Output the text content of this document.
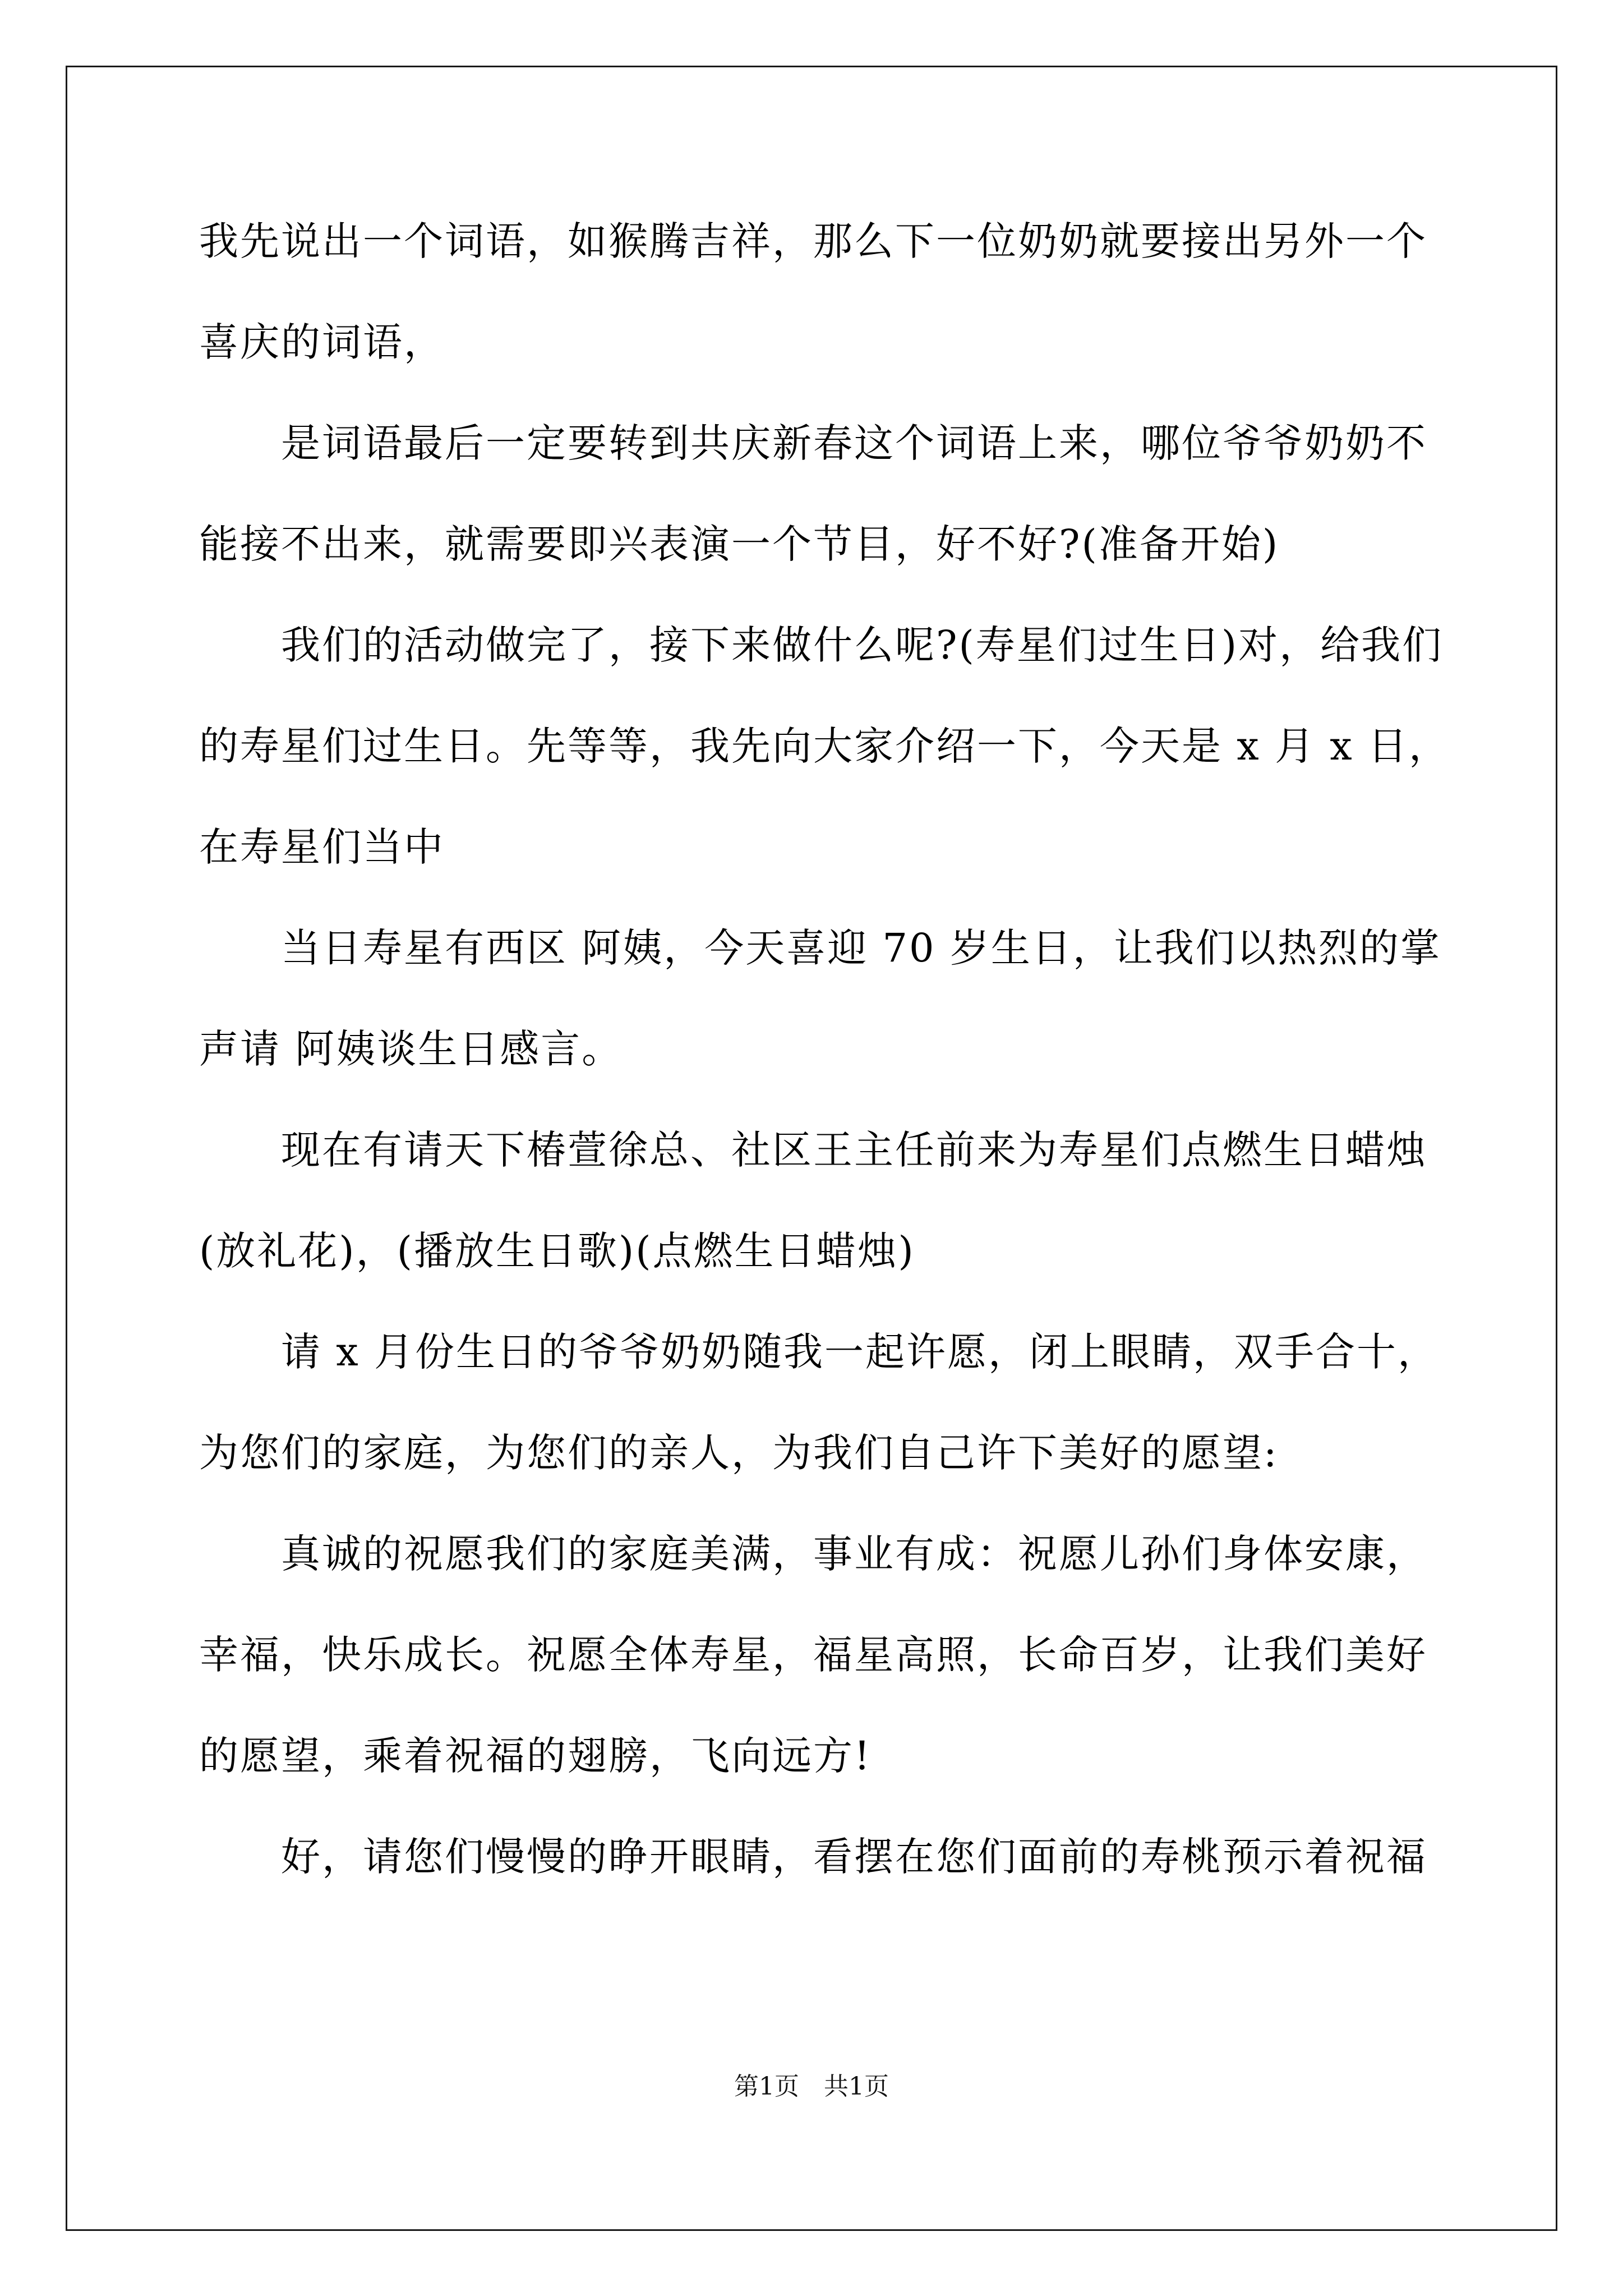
我先说出一个词语，如猴腾吉祥，那么下一位奶奶就要接出另外一个
喜庆的词语，
　　是词语最后一定要转到共庆新春这个词语上来，哪位爷爷奶奶不
能接不出来，就需要即兴表演一个节目，好不好?(准备开始)
　　我们的活动做完了，接下来做什么呢?(寿星们过生日)对，给我们
的寿星们过生日。先等等，我先向大家介绍一下，今天是 x 月 x 日，
在寿星们当中
　　当日寿星有西区 阿姨，今天喜迎 70 岁生日，让我们以热烈的掌
声请 阿姨谈生日感言。
　　现在有请天下椿萱徐总、社区王主任前来为寿星们点燃生日蜡烛
(放礼花)，(播放生日歌)(点燃生日蜡烛)
　　请 x 月份生日的爷爷奶奶随我一起许愿，闭上眼睛，双手合十，
为您们的家庭，为您们的亲人，为我们自己许下美好的愿望:
　　真诚的祝愿我们的家庭美满，事业有成：祝愿儿孙们身体安康，
幸福，快乐成长。祝愿全体寿星，福星高照，长命百岁，让我们美好
的愿望，乘着祝福的翅膀，飞向远方!
　　好，请您们慢慢的睁开眼睛，看摆在您们面前的寿桃预示着祝福
第1页　共1页
